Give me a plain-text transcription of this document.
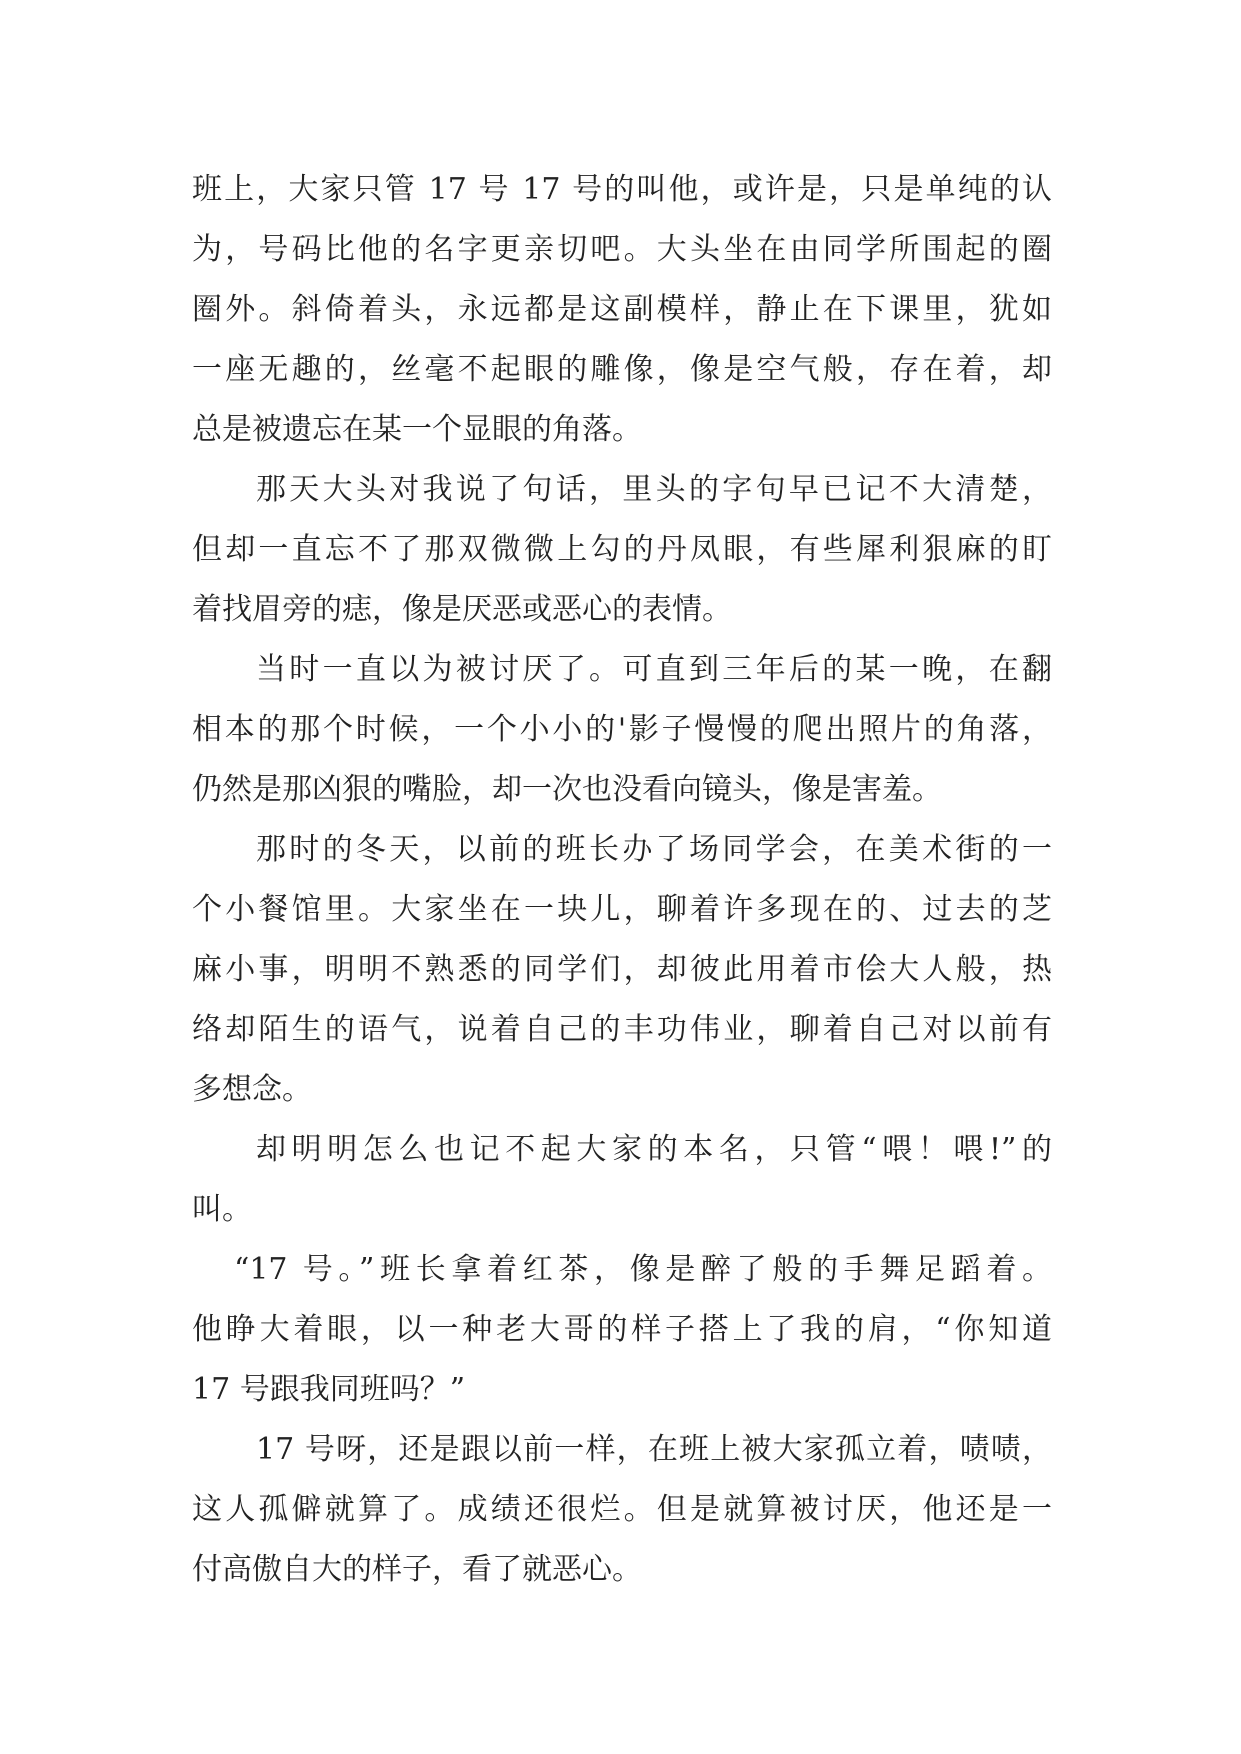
班上，大家只管 17 号 17 号的叫他，或许是，只是单纯的认
为，号码比他的名字更亲切吧。大头坐在由同学所围起的圈
圈外。斜倚着头，永远都是这副模样，静止在下课里，犹如
一座无趣的，丝毫不起眼的雕像，像是空气般，存在着，却
总是被遗忘在某一个显眼的角落。
那天大头对我说了句话，里头的字句早已记不大清楚，
但却一直忘不了那双微微上勾的丹凤眼，有些犀利狠麻的盯
着找眉旁的痣，像是厌恶或恶心的表情。
当时一直以为被讨厌了。可直到三年后的某一晚，在翻
相本的那个时候，一个小小的'影子慢慢的爬出照片的角落，
仍然是那凶狠的嘴脸，却一次也没看向镜头，像是害羞。
那时的冬天，以前的班长办了场同学会，在美术街的一
个小餐馆里。大家坐在一块儿，聊着许多现在的、过去的芝
麻小事，明明不熟悉的同学们，却彼此用着市侩大人般，热
络却陌生的语气，说着自己的丰功伟业，聊着自己对以前有
多想念。
却明明怎么也记不起大家的本名，只管“喂！喂!”的
叫。
“17 号。”班长拿着红茶，像是醉了般的手舞足蹈着。
他睁大着眼，以一种老大哥的样子搭上了我的肩，“你知道
17 号跟我同班吗？”
17 号呀，还是跟以前一样，在班上被大家孤立着，啧啧，
这人孤僻就算了。成绩还很烂。但是就算被讨厌，他还是一
付高傲自大的样子，看了就恶心。
